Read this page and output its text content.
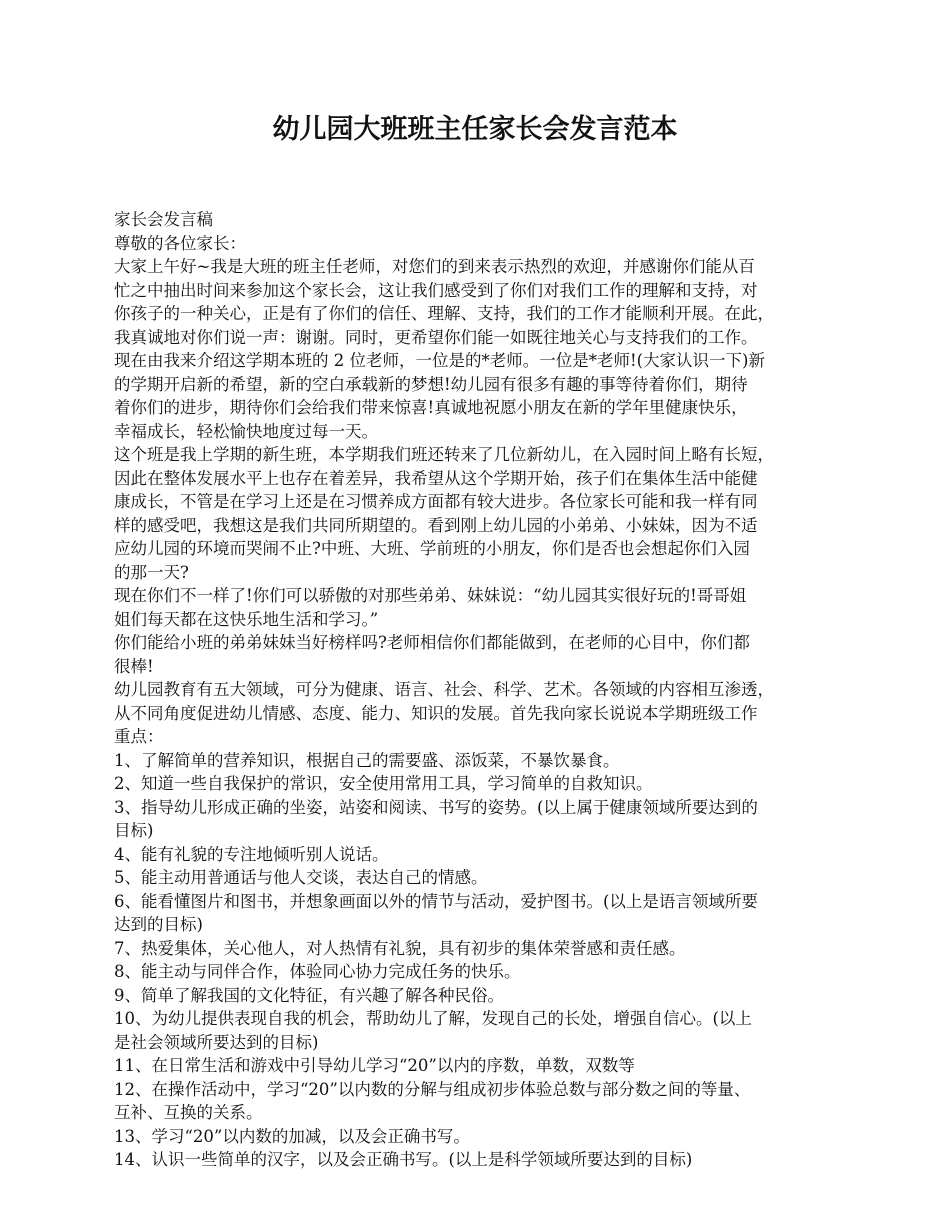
幼儿园大班班主任家长会发言范本

家长会发言稿

尊敬的各位家长：

大家上午好~我是大班的班主任老师，对您们的到来表示热烈的欢迎，并感谢你们能从百

忙之中抽出时间来参加这个家长会，这让我们感受到了你们对我们工作的理解和支持，对

你孩子的一种关心，正是有了你们的信任、理解、支持，我们的工作才能顺利开展。在此，

我真诚地对你们说一声：谢谢。同时，更希望你们能一如既往地关心与支持我们的工作。

现在由我来介绍这学期本班的 2 位老师，一位是的*老师。一位是*老师!(大家认识一下)新

的学期开启新的希望，新的空白承载新的梦想!幼儿园有很多有趣的事等待着你们，期待

着你们的进步，期待你们会给我们带来惊喜!真诚地祝愿小朋友在新的学年里健康快乐，

幸福成长，轻松愉快地度过每一天。

这个班是我上学期的新生班，本学期我们班还转来了几位新幼儿，在入园时间上略有长短，

因此在整体发展水平上也存在着差异，我希望从这个学期开始，孩子们在集体生活中能健

康成长，不管是在学习上还是在习惯养成方面都有较大进步。各位家长可能和我一样有同

样的感受吧，我想这是我们共同所期望的。看到刚上幼儿园的小弟弟、小妹妹，因为不适

应幼儿园的环境而哭闹不止?中班、大班、学前班的小朋友，你们是否也会想起你们入园

的那一天?

现在你们不一样了!你们可以骄傲的对那些弟弟、妹妹说：“幼儿园其实很好玩的!哥哥姐

姐们每天都在这快乐地生活和学习。”

你们能给小班的弟弟妹妹当好榜样吗?老师相信你们都能做到，在老师的心目中，你们都

很棒!

幼儿园教育有五大领域，可分为健康、语言、社会、科学、艺术。各领域的内容相互渗透，

从不同角度促进幼儿情感、态度、能力、知识的发展。首先我向家长说说本学期班级工作

重点：

1、了解简单的营养知识，根据自己的需要盛、添饭菜，不暴饮暴食。

2、知道一些自我保护的常识，安全使用常用工具，学习简单的自救知识。

3、指导幼儿形成正确的坐姿，站姿和阅读、书写的姿势。(以上属于健康领域所要达到的

目标)

4、能有礼貌的专注地倾听别人说话。

5、能主动用普通话与他人交谈，表达自己的情感。

6、能看懂图片和图书，并想象画面以外的情节与活动，爱护图书。(以上是语言领域所要

达到的目标)

7、热爱集体，关心他人，对人热情有礼貌，具有初步的集体荣誉感和责任感。

8、能主动与同伴合作，体验同心协力完成任务的快乐。

9、简单了解我国的文化特征，有兴趣了解各种民俗。

10、为幼儿提供表现自我的机会，帮助幼儿了解，发现自己的长处，增强自信心。(以上

是社会领域所要达到的目标)

11、在日常生活和游戏中引导幼儿学习“20”以内的序数，单数，双数等

12、在操作活动中，学习“20”以内数的分解与组成初步体验总数与部分数之间的等量、

互补、互换的关系。

13、学习“20”以内数的加减，以及会正确书写。

14、认识一些简单的汉字，以及会正确书写。(以上是科学领域所要达到的目标)
